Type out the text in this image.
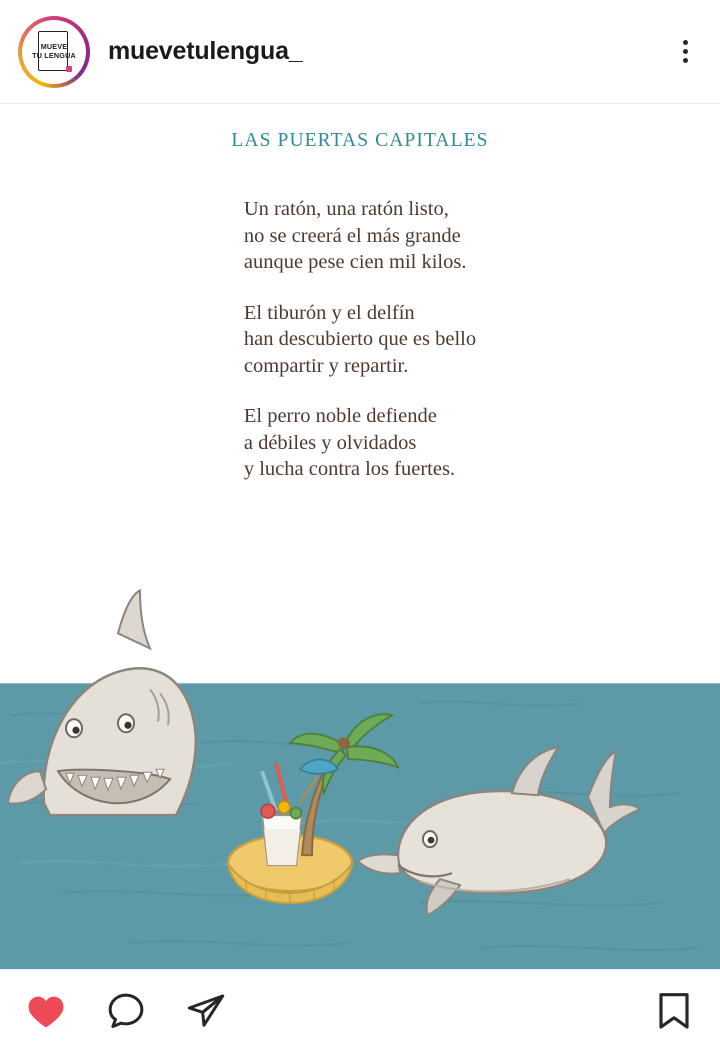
MUEVE
TU LENGUA muevetulengua_
LAS PUERTAS CAPITALES
Un ratón, una ratón listo,
no se creerá el más grande
aunque pese cien mil kilos.
El tiburón y el delfín
han descubierto que es bello
compartir y repartir.
El perro noble defiende
a débiles y olvidados
y lucha contra los fuertes.
